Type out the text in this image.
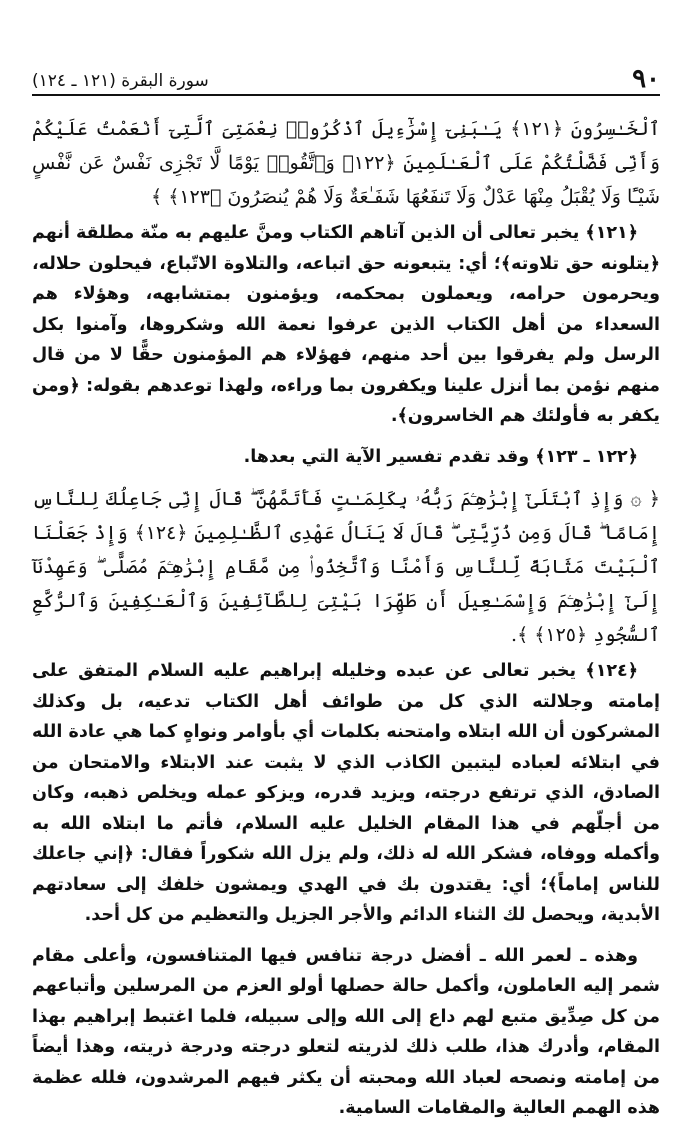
٩٠
سورة البقرة (١٢١ ـ ١٢٤)

ٱلْخَـٰسِرُونَ ﴿١٢١﴾ يَـٰبَنِىٓ إِسْرَٰٓءِيلَ ٱذْكُرُوا۟ نِعْمَتِىَ ٱلَّتِىٓ أَنْعَمْتُ عَلَيْكُمْ وَأَنِّى فَضَّلْتُكُمْ عَلَى ٱلْعَـٰلَمِينَ ﴿١٢٢﴾ وَٱتَّقُوا۟ يَوْمًا لَّا تَجْزِى نَفْسٌ عَن نَّفْسٍ شَيْـًٔا وَلَا يُقْبَلُ مِنْهَا عَدْلٌ وَلَا تَنفَعُهَا شَفَـٰعَةٌ وَلَا هُمْ يُنصَرُونَ ﴿١٢٣﴾ ﴾

﴿١٢١﴾ يخبر تعالى أن الذين آتاهم الكتاب ومنَّ عليهم به منّة مطلقة أنهم ﴿يتلونه حق تلاوته﴾؛ أي: يتبعونه حق اتباعه، والتلاوة الاتّباع، فيحلون حلاله، ويحرمون حرامه، ويعملون بمحكمه، ويؤمنون بمتشابهه، وهؤلاء هم السعداء من أهل الكتاب الذين عرفوا نعمة الله وشكروها، وآمنوا بكل الرسل ولم يفرقوا بين أحد منهم، فهؤلاء هم المؤمنون حقًّا لا من قال منهم نؤمن بما أنزل علينا ويكفرون بما وراءه، ولهذا توعدهم بقوله: ﴿ومن يكفر به فأولئك هم الخاسرون﴾.

﴿١٢٢ ـ ١٢٣﴾ وقد تقدم تفسير الآية التي بعدها.

﴿ ۞ وَإِذِ ٱبْتَلَىٰٓ إِبْرَٰهِـۧمَ رَبُّهُۥ بِكَلِمَـٰتٍ فَأَتَمَّهُنَّ ۖ قَالَ إِنِّى جَاعِلُكَ لِلنَّاسِ إِمَامًا ۖ قَالَ وَمِن ذُرِّيَّتِى ۖ قَالَ لَا يَنَالُ عَهْدِى ٱلظَّـٰلِمِينَ ﴿١٢٤﴾ وَإِذْ جَعَلْنَا ٱلْبَيْتَ مَثَابَةً لِّلنَّاسِ وَأَمْنًا وَٱتَّخِذُوا۟ مِن مَّقَامِ إِبْرَٰهِـۧمَ مُصَلًّى ۖ وَعَهِدْنَآ إِلَىٰٓ إِبْرَٰهِـۧمَ وَإِسْمَـٰعِيلَ أَن طَهِّرَا بَيْتِىَ لِلطَّآئِفِينَ وَٱلْعَـٰكِفِينَ وَٱلرُّكَّعِ ٱلسُّجُودِ ﴿١٢٥﴾ ﴾.

﴿١٢٤﴾ يخبر تعالى عن عبده وخليله إبراهيم عليه السلام المتفق على إمامته وجلالته الذي كل من طوائف أهل الكتاب تدعيه، بل وكذلك المشركون أن الله ابتلاه وامتحنه بكلمات أي بأوامر ونواهٍ كما هي عادة الله في ابتلائه لعباده ليتبين الكاذب الذي لا يثبت عند الابتلاء والامتحان من الصادق، الذي ترتفع درجته، ويزيد قدره، ويزكو عمله ويخلص ذهبه، وكان من أجلّهم في هذا المقام الخليل عليه السلام، فأتم ما ابتلاه الله به وأكمله ووفاه، فشكر الله له ذلك، ولم يزل الله شكوراً فقال: ﴿إني جاعلك للناس إماماً﴾؛ أي: يقتدون بك في الهدي ويمشون خلفك إلى سعادتهم الأبدية، ويحصل لك الثناء الدائم والأجر الجزيل والتعظيم من كل أحد.

وهذه ـ لعمر الله ـ أفضل درجة تنافس فيها المتنافسون، وأعلى مقام شمر إليه العاملون، وأكمل حالة حصلها أولو العزم من المرسلين وأتباعهم من كل صِدِّيق متبع لهم داع إلى الله وإلى سبيله، فلما اغتبط إبراهيم بهذا المقام، وأدرك هذا، طلب ذلك لذريته لتعلو درجته ودرجة ذريته، وهذا أيضاً من إمامته ونصحه لعباد الله ومحبته أن يكثر فيهم المرشدون، فلله عظمة هذه الهمم العالية والمقامات السامية.
